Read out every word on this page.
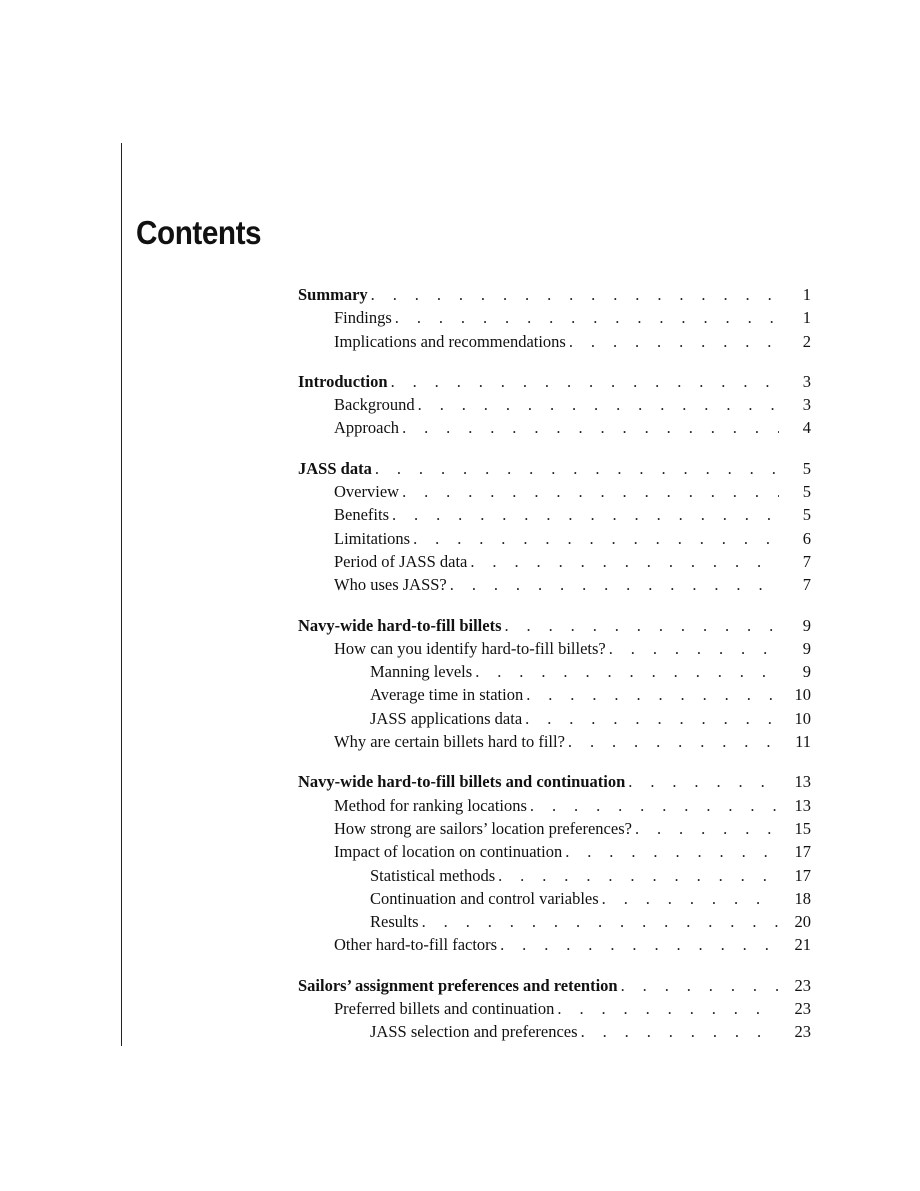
Contents
Summary . . .	1
Findings . . .	1
Implications and recommendations . . .	2
Introduction . . .	3
Background . . .	3
Approach . . .	4
JASS data . . .	5
Overview . . .	5
Benefits . . .	5
Limitations . . .	6
Period of JASS data . . .	7
Who uses JASS? . . .	7
Navy-wide hard-to-fill billets . . .	9
How can you identify hard-to-fill billets? . . .	9
Manning levels . . .	9
Average time in station . . .	10
JASS applications data . . .	10
Why are certain billets hard to fill? . . .	11
Navy-wide hard-to-fill billets and continuation . . .	13
Method for ranking locations . . .	13
How strong are sailors’ location preferences? . . .	15
Impact of location on continuation . . .	17
Statistical methods . . .	17
Continuation and control variables . . .	18
Results . . .	20
Other hard-to-fill factors . . .	21
Sailors’ assignment preferences and retention . . .	23
Preferred billets and continuation . . .	23
JASS selection and preferences . . .	23
